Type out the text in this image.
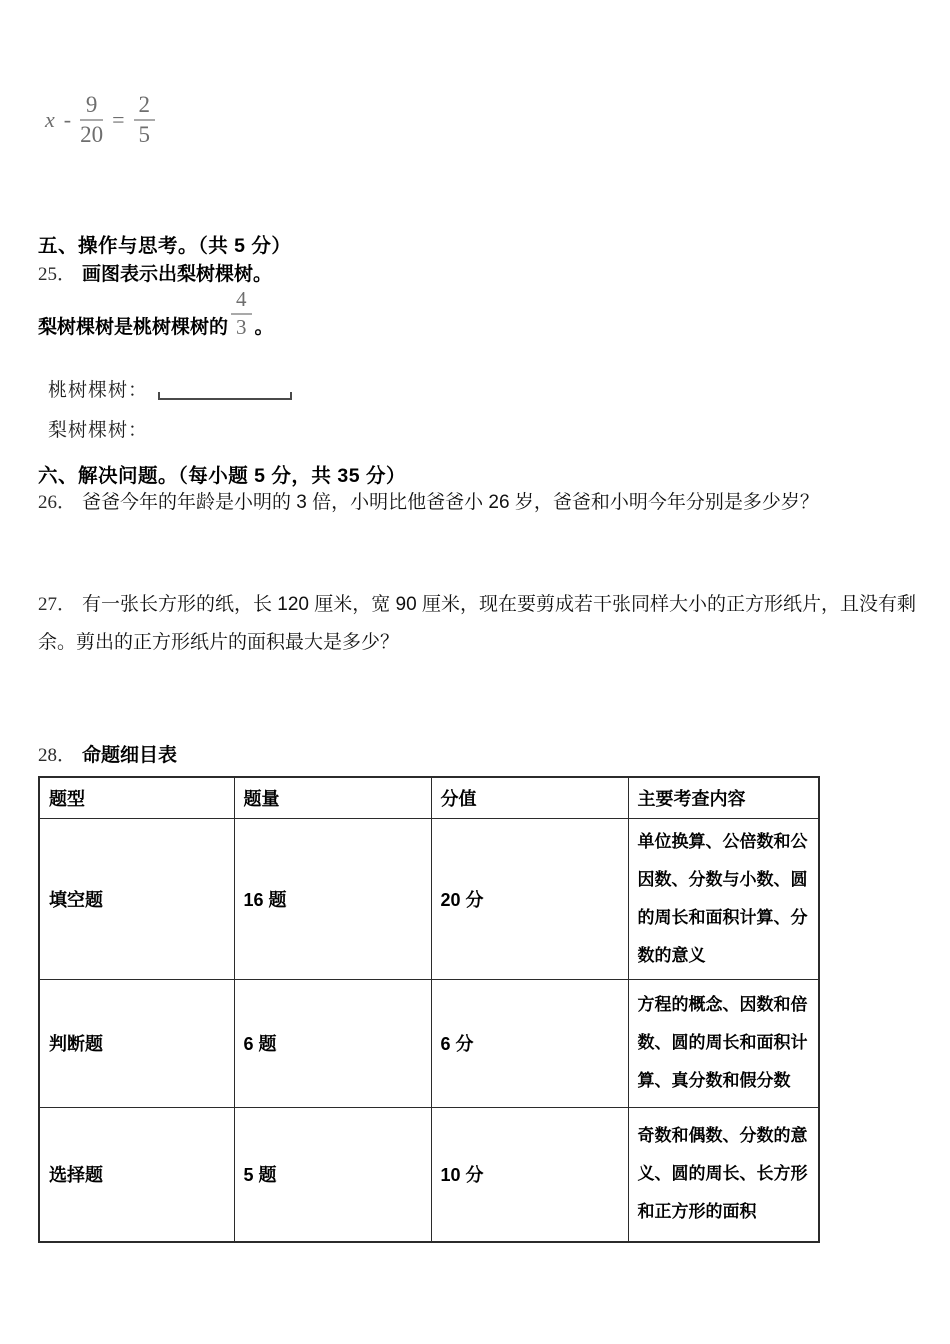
$x - \frac{9}{20} = \frac{2}{5}$
五、操作与思考。（共 5 分）
25． 画图表示出梨树棵树。
梨树棵树是桃树棵树的 $\frac{4}{3}$ 。
桃树棵树：
梨树棵树：
六、解决问题。（每小题 5 分，共 35 分）
26． 爸爸今年的年龄是小明的 3 倍，小明比他爸爸小 26 岁，爸爸和小明今年分别是多少岁？
27． 有一张长方形的纸，长 120 厘米，宽 90 厘米，现在要剪成若干张同样大小的正方形纸片，且没有剩余。剪出的正方形纸片的面积最大是多少？
28． 命题细目表
题型	题量	分值	主要考查内容
填空题	16 题	20 分	单位换算、公倍数和公因数、分数与小数、圆的周长和面积计算、分数的意义
判断题	6 题	6 分	方程的概念、因数和倍数、圆的周长和面积计算、真分数和假分数
选择题	5 题	10 分	奇数和偶数、分数的意义、圆的周长、长方形和正方形的面积
